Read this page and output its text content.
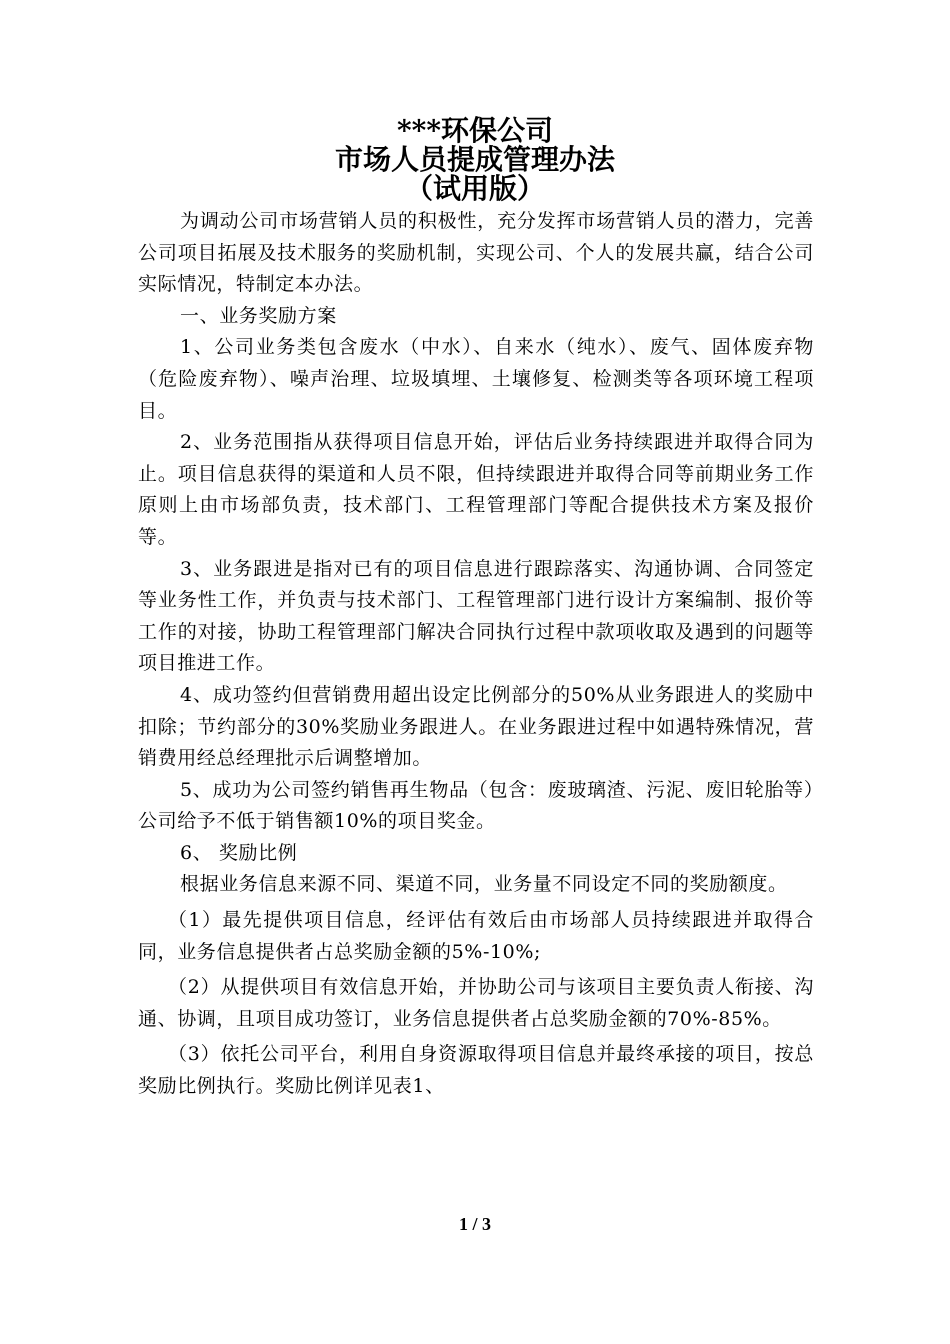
***环保公司
市场人员提成管理办法
（试用版）

为调动公司市场营销人员的积极性，充分发挥市场营销人员的潜力，完善公司项目拓展及技术服务的奖励机制，实现公司、个人的发展共赢，结合公司实际情况，特制定本办法。

一、业务奖励方案

1、公司业务类包含废水（中水）、自来水（纯水）、废气、固体废弃物（危险废弃物）、噪声治理、垃圾填埋、土壤修复、检测类等各项环境工程项目。

2、业务范围指从获得项目信息开始，评估后业务持续跟进并取得合同为止。项目信息获得的渠道和人员不限，但持续跟进并取得合同等前期业务工作原则上由市场部负责，技术部门、工程管理部门等配合提供技术方案及报价等。

3、业务跟进是指对已有的项目信息进行跟踪落实、沟通协调、合同签定等业务性工作，并负责与技术部门、工程管理部门进行设计方案编制、报价等工作的对接，协助工程管理部门解决合同执行过程中款项收取及遇到的问题等项目推进工作。

4、成功签约但营销费用超出设定比例部分的50%从业务跟进人的奖励中扣除；节约部分的30%奖励业务跟进人。在业务跟进过程中如遇特殊情况，营销费用经总经理批示后调整增加。

5、成功为公司签约销售再生物品（包含：废玻璃渣、污泥、废旧轮胎等）公司给予不低于销售额10%的项目奖金。

6、 奖励比例

根据业务信息来源不同、渠道不同，业务量不同设定不同的奖励额度。

（1）最先提供项目信息，经评估有效后由市场部人员持续跟进并取得合同，业务信息提供者占总奖励金额的5%-10%;

（2）从提供项目有效信息开始，并协助公司与该项目主要负责人衔接、沟通、协调，且项目成功签订，业务信息提供者占总奖励金额的70%-85%。

（3）依托公司平台，利用自身资源取得项目信息并最终承接的项目，按总奖励比例执行。奖励比例详见表1、

1 / 3
